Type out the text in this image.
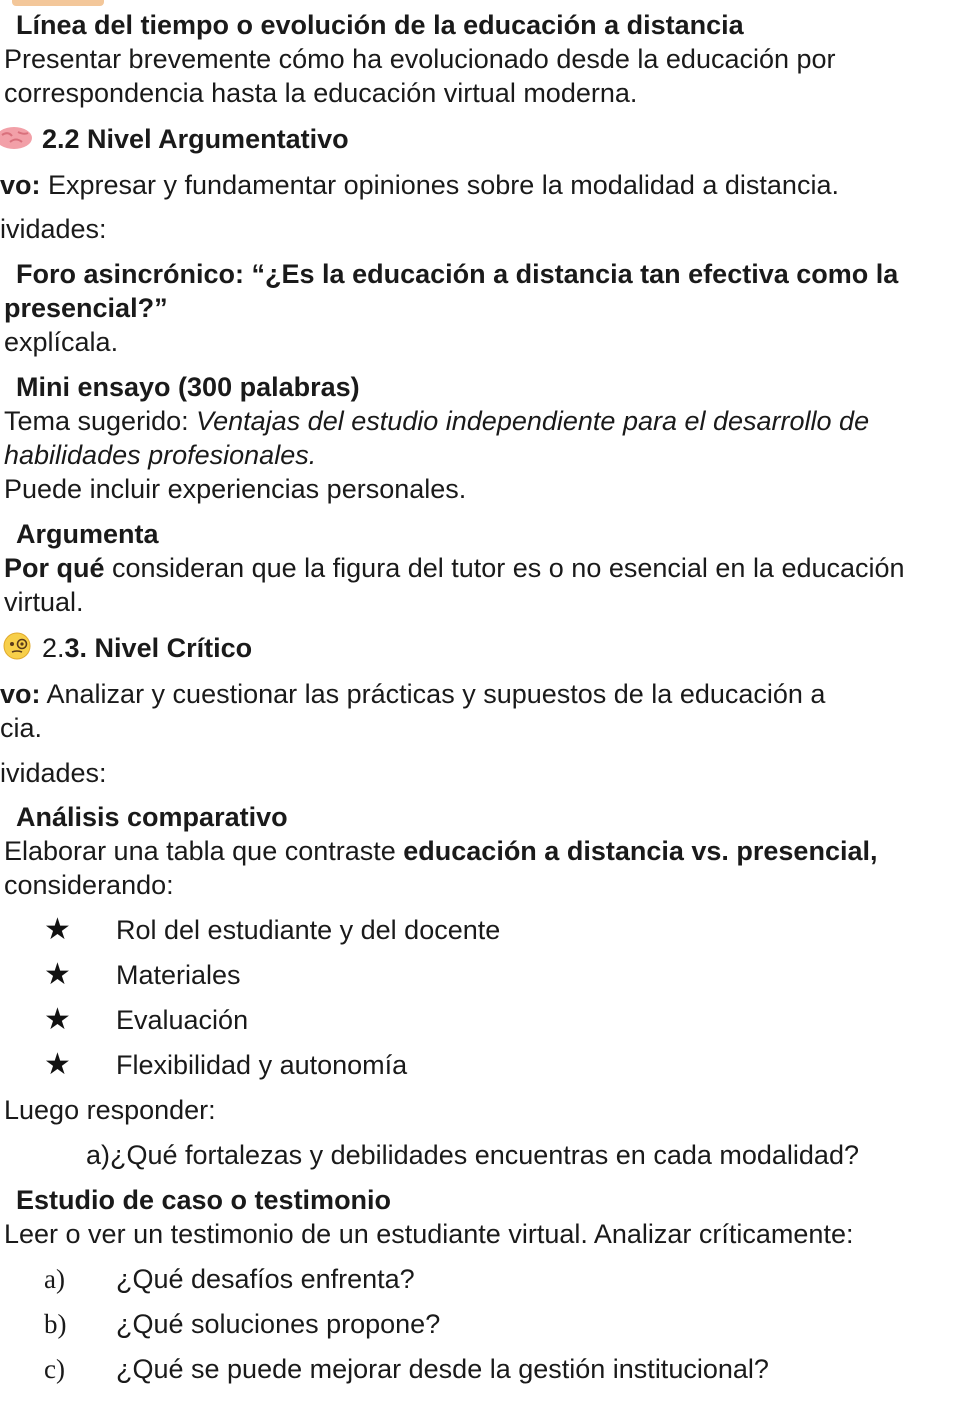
Línea del tiempo o evolución de la educación a distancia
Presentar brevemente cómo ha evolucionado desde la educación por
correspondencia hasta la educación virtual moderna.
2.2 Nivel Argumentativo
vo: Expresar y fundamentar opiniones sobre la modalidad a distancia.
ividades:
Foro asincrónico: “¿Es la educación a distancia tan efectiva como la
presencial?”
explícala.
Mini ensayo (300 palabras)
Tema sugerido: Ventajas del estudio independiente para el desarrollo de
habilidades profesionales.
Puede incluir experiencias personales.
Argumenta
Por qué consideran que la figura del tutor es o no esencial en la educación
virtual.
2.3. Nivel Crítico
vo: Analizar y cuestionar las prácticas y supuestos de la educación a
cia.
ividades:
Análisis comparativo
Elaborar una tabla que contraste educación a distancia vs. presencial,
considerando:
★ Rol del estudiante y del docente
★ Materiales
★ Evaluación
★ Flexibilidad y autonomía
Luego responder:
a)¿Qué fortalezas y debilidades encuentras en cada modalidad?
Estudio de caso o testimonio
Leer o ver un testimonio de un estudiante virtual. Analizar críticamente:
a) ¿Qué desafíos enfrenta?
b) ¿Qué soluciones propone?
c) ¿Qué se puede mejorar desde la gestión institucional?
